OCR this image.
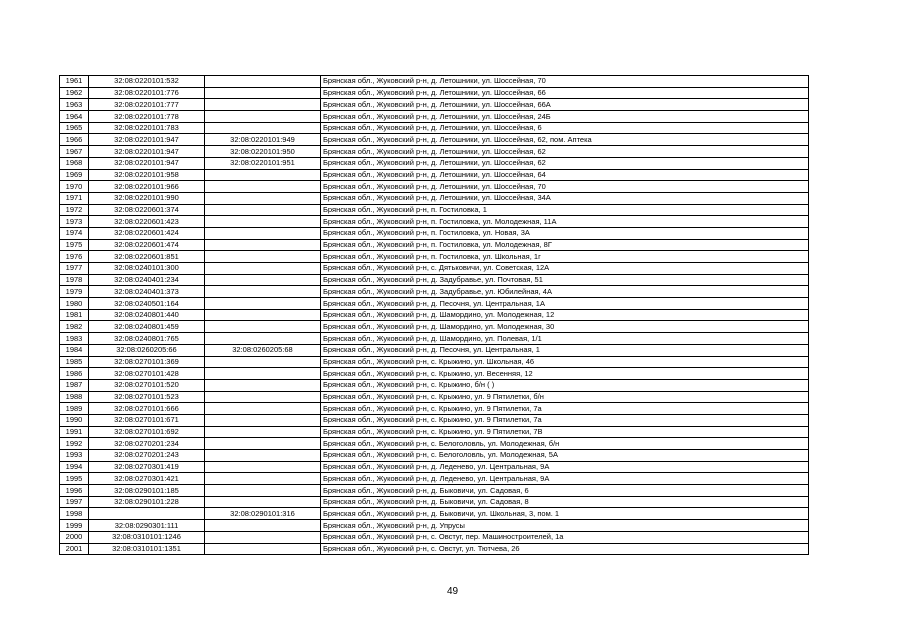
1961	32:08:0220101:532		Брянская обл., Жуковский р-н, д. Летошники, ул. Шоссейная, 70
1962	32:08:0220101:776		Брянская обл., Жуковский р-н, д. Летошники, ул. Шоссейная, 66
1963	32:08:0220101:777		Брянская обл., Жуковский р-н, д. Летошники, ул. Шоссейная, 66А
1964	32:08:0220101:778		Брянская обл., Жуковский р-н, д. Летошники, ул. Шоссейная, 24Б
1965	32:08:0220101:783		Брянская обл., Жуковский р-н, д. Летошники, ул. Шоссейная, 6
1966	32:08:0220101:947	32:08:0220101:949	Брянская обл., Жуковский р-н, д. Летошники, ул. Шоссейная, 62, пом. Аптека
1967	32:08:0220101:947	32:08:0220101:950	Брянская обл., Жуковский р-н, д. Летошники, ул. Шоссейная, 62
1968	32:08:0220101:947	32:08:0220101:951	Брянская обл., Жуковский р-н, д. Летошники, ул. Шоссейная, 62
1969	32:08:0220101:958		Брянская обл., Жуковский р-н, д. Летошники, ул. Шоссейная, 64
1970	32:08:0220101:966		Брянская обл., Жуковский р-н, д. Летошники, ул. Шоссейная, 70
1971	32:08:0220101:990		Брянская обл., Жуковский р-н, д. Летошники, ул. Шоссейная, 34А
1972	32:08:0220601:374		Брянская обл., Жуковский р-н, п. Гостиловка, 1
1973	32:08:0220601:423		Брянская обл., Жуковский р-н, п. Гостиловка, ул. Молодежная, 11А
1974	32:08:0220601:424		Брянская обл., Жуковский р-н, п. Гостиловка, ул. Новая, 3А
1975	32:08:0220601:474		Брянская обл., Жуковский р-н, п. Гостиловка, ул. Молодежная, 8Г
1976	32:08:0220601:851		Брянская обл., Жуковский р-н, п. Гостиловка, ул. Школьная, 1г
1977	32:08:0240101:300		Брянская обл., Жуковский р-н, с. Дятьковичи, ул. Советская, 12А
1978	32:08:0240401:234		Брянская обл., Жуковский р-н, д. Задубравье, ул. Почтовая, 51
1979	32:08:0240401:373		Брянская обл., Жуковский р-н, д. Задубравье, ул. Юбилейная, 4А
1980	32:08:0240501:164		Брянская обл., Жуковский р-н, д. Песочня, ул. Центральная, 1А
1981	32:08:0240801:440		Брянская обл., Жуковский р-н, д. Шамордино, ул. Молодежная, 12
1982	32:08:0240801:459		Брянская обл., Жуковский р-н, д. Шамордино, ул. Молодежная, 30
1983	32:08:0240801:765		Брянская обл., Жуковский р-н, д. Шамордино, ул. Полевая, 1/1
1984	32:08:0260205:66	32:08:0260205:68	Брянская обл., Жуковский р-н, д. Песочня, ул. Центральная, 1
1985	32:08:0270101:369		Брянская обл., Жуковский р-н, с. Крыжино, ул. Школьная, 46
1986	32:08:0270101:428		Брянская обл., Жуковский р-н, с. Крыжино, ул. Весенняя, 12
1987	32:08:0270101:520		Брянская обл., Жуковский р-н, с. Крыжино, б/н ( )
1988	32:08:0270101:523		Брянская обл., Жуковский р-н, с. Крыжино, ул. 9 Пятилетки, б/н
1989	32:08:0270101:666		Брянская обл., Жуковский р-н, с. Крыжино, ул. 9 Пятилетки, 7а
1990	32:08:0270101:671		Брянская обл., Жуковский р-н, с. Крыжино, ул. 9 Пятилетки, 7а
1991	32:08:0270101:692		Брянская обл., Жуковский р-н, с. Крыжино, ул. 9 Пятилетки, 7В
1992	32:08:0270201:234		Брянская обл., Жуковский р-н, с. Белоголовль, ул. Молодежная, б/н
1993	32:08:0270201:243		Брянская обл., Жуковский р-н, с. Белоголовль, ул. Молодежная, 5А
1994	32:08:0270301:419		Брянская обл., Жуковский р-н, д. Леденево, ул. Центральная, 9А
1995	32:08:0270301:421		Брянская обл., Жуковский р-н, д. Леденево, ул. Центральная, 9А
1996	32:08:0290101:185		Брянская обл., Жуковский р-н, д. Быковичи, ул. Садовая, 6
1997	32:08:0290101:228		Брянская обл., Жуковский р-н, д. Быковичи, ул. Садовая, 8
1998		32:08:0290101:316	Брянская обл., Жуковский р-н, д. Быковичи, ул. Школьная, 3, пом. 1
1999	32:08:0290301:111		Брянская обл., Жуковский р-н, д. Упрусы
2000	32:08:0310101:1246		Брянская обл., Жуковский р-н, с. Овстуг, пер. Машиностроителей, 1а
2001	32:08:0310101:1351		Брянская обл., Жуковский р-н, с. Овстуг, ул. Тютчева, 26
49
